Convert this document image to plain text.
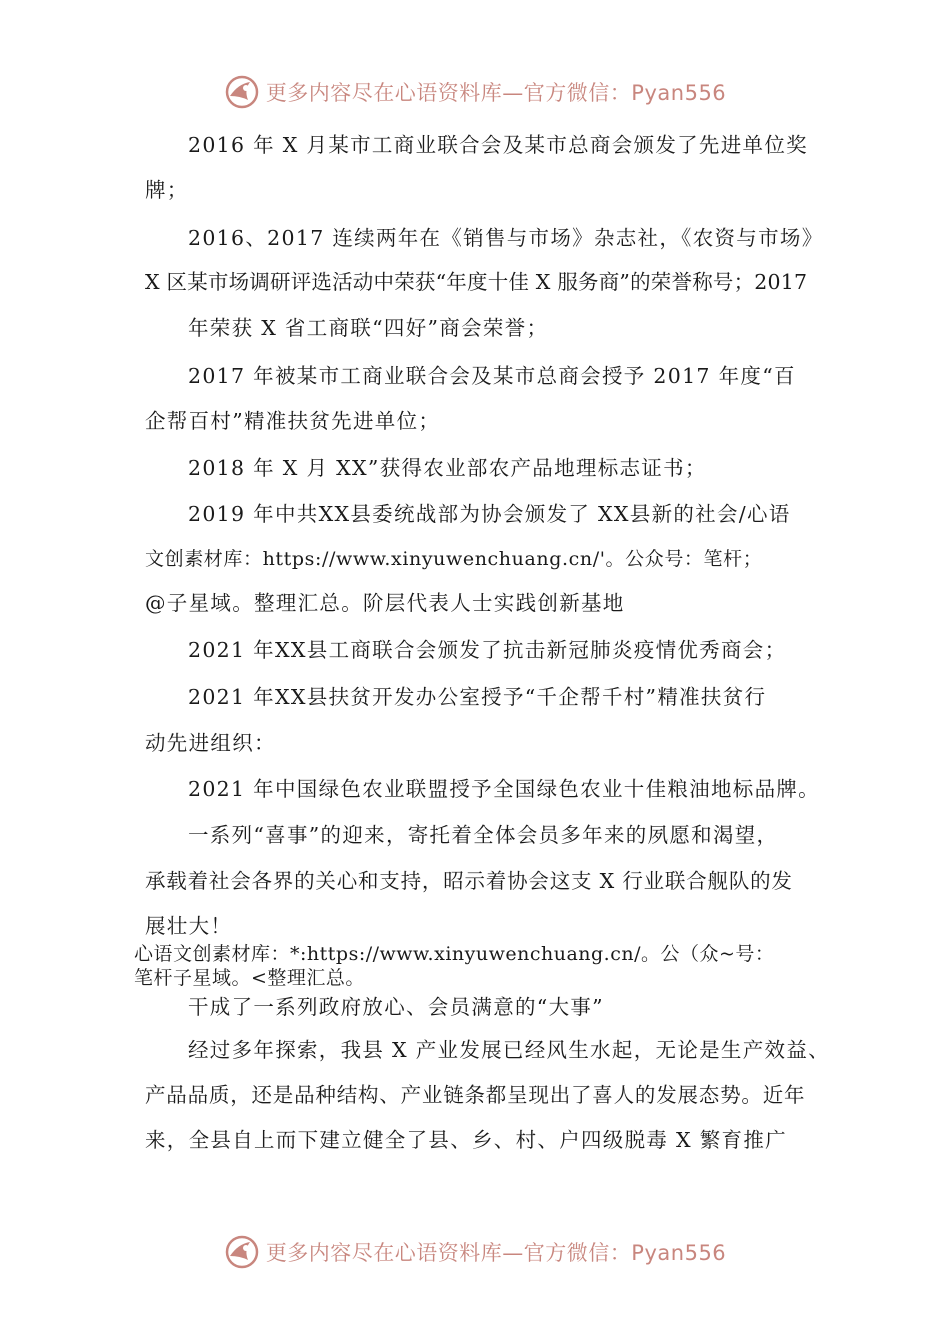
更多内容尽在心语资料库—官方微信：Pyan556
2016 年 X 月某市工商业联合会及某市总商会颁发了先进单位奖
牌；
2016、2017 连续两年在《销售与市场》杂志社，《农资与市场》
X 区某市场调研评选活动中荣获“年度十佳 X 服务商”的荣誉称号；2017
年荣获 X 省工商联“四好”商会荣誉；
2017 年被某市工商业联合会及某市总商会授予 2017 年度“百
企帮百村”精准扶贫先进单位；
2018 年 X 月 XX”获得农业部农产品地理标志证书；
2019 年中共XX县委统战部为协会颁发了 XX县新的社会/心语
文创素材库：https://www.xinyuwenchuang.cn/'。公众号：笔杆；
@子星域。整理汇总。阶层代表人士实践创新基地
2021 年XX县工商联合会颁发了抗击新冠肺炎疫情优秀商会；
2021 年XX县扶贫开发办公室授予“千企帮千村”精准扶贫行
动先进组织：
2021 年中国绿色农业联盟授予全国绿色农业十佳粮油地标品牌。
一系列“喜事”的迎来，寄托着全体会员多年来的夙愿和渴望，
承载着社会各界的关心和支持，昭示着协会这支 X 行业联合舰队的发
展壮大！
心语文创素材库：*:https://www.xinyuwenchuang.cn/。公（众~号：
笔杆子星域。<整理汇总。
干成了一系列政府放心、会员满意的“大事”
经过多年探索，我县 X 产业发展已经风生水起，无论是生产效益、
产品品质，还是品种结构、产业链条都呈现出了喜人的发展态势。近年
来，全县自上而下建立健全了县、乡、村、户四级脱毒 X 繁育推广
更多内容尽在心语资料库—官方微信：Pyan556
